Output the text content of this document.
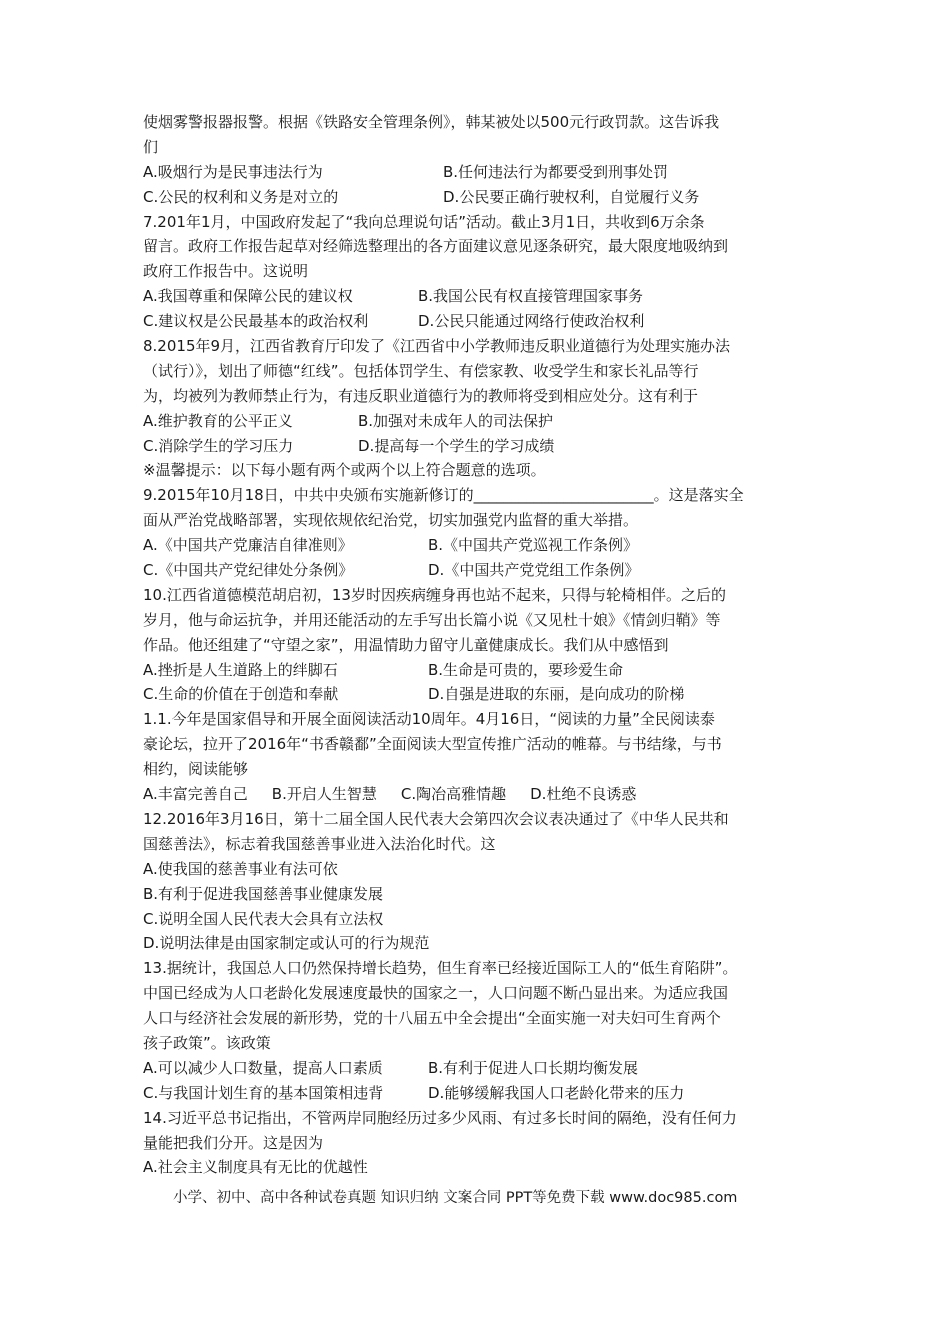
使烟雾警报器报警。根据《铁路安全管理条例》，韩某被处以500元行政罚款。这告诉我
们
A.吸烟行为是民事违法行为	B.任何违法行为都要受到刑事处罚
C.公民的权利和义务是对立的	D.公民要正确行驶权利，自觉履行义务
7.201年1月，中国政府发起了“我向总理说句话”活动。截止3月1日，共收到6万余条
留言。政府工作报告起草对经筛选整理出的各方面建议意见逐条研究，最大限度地吸纳到
政府工作报告中。这说明
A.我国尊重和保障公民的建议权	B.我国公民有权直接管理国家事务
C.建议权是公民最基本的政治权利	D.公民只能通过网络行使政治权利
8.2015年9月，江西省教育厅印发了《江西省中小学教师违反职业道德行为处理实施办法
（试行）》，划出了师德“红线”。包括体罚学生、有偿家教、收受学生和家长礼品等行
为，均被列为教师禁止行为，有违反职业道德行为的教师将受到相应处分。这有利于
A.维护教育的公平正义	B.加强对未成年人的司法保护
C.消除学生的学习压力	D.提高每一个学生的学习成绩
※温馨提示：以下每小题有两个或两个以上符合题意的选项。
9.2015年10月18日，中共中央颁布实施新修订的________________________。这是落实全
面从严治党战略部署，实现依规依纪治党，切实加强党内监督的重大举措。
A.《中国共产党廉洁自律准则》	B.《中国共产党巡视工作条例》
C.《中国共产党纪律处分条例》	D.《中国共产党党组工作条例》
10.江西省道德模范胡启初，13岁时因疾病缠身再也站不起来，只得与轮椅相伴。之后的
岁月，他与命运抗争，并用还能活动的左手写出长篇小说《又见杜十娘》《情剑归鞘》等
作品。他还组建了“守望之家”，用温情助力留守儿童健康成长。我们从中感悟到
A.挫折是人生道路上的绊脚石	B.生命是可贵的，要珍爱生命
C.生命的价值在于创造和奉献	D.自强是进取的东丽，是向成功的阶梯
1.1.今年是国家倡导和开展全面阅读活动10周年。4月16日，“阅读的力量”全民阅读泰
豪论坛，拉开了2016年“书香赣鄱”全面阅读大型宣传推广活动的帷幕。与书结缘，与书
相约，阅读能够
A.丰富完善自己 B.开启人生智慧 C.陶冶高雅情趣 D.杜绝不良诱惑
12.2016年3月16日，第十二届全国人民代表大会第四次会议表决通过了《中华人民共和
国慈善法》，标志着我国慈善事业进入法治化时代。这
A.使我国的慈善事业有法可依
B.有利于促进我国慈善事业健康发展
C.说明全国人民代表大会具有立法权
D.说明法律是由国家制定或认可的行为规范
13.据统计，我国总人口仍然保持增长趋势，但生育率已经接近国际工人的“低生育陷阱”。
中国已经成为人口老龄化发展速度最快的国家之一，人口问题不断凸显出来。为适应我国
人口与经济社会发展的新形势，党的十八届五中全会提出“全面实施一对夫妇可生育两个
孩子政策”。该政策
A.可以减少人口数量，提高人口素质	B.有利于促进人口长期均衡发展
C.与我国计划生育的基本国策相违背	D.能够缓解我国人口老龄化带来的压力
14.习近平总书记指出，不管两岸同胞经历过多少风雨、有过多长时间的隔绝，没有任何力
量能把我们分开。这是因为
A.社会主义制度具有无比的优越性
小学、初中、高中各种试卷真题 知识归纳 文案合同 PPT等免费下载 www.doc985.com
